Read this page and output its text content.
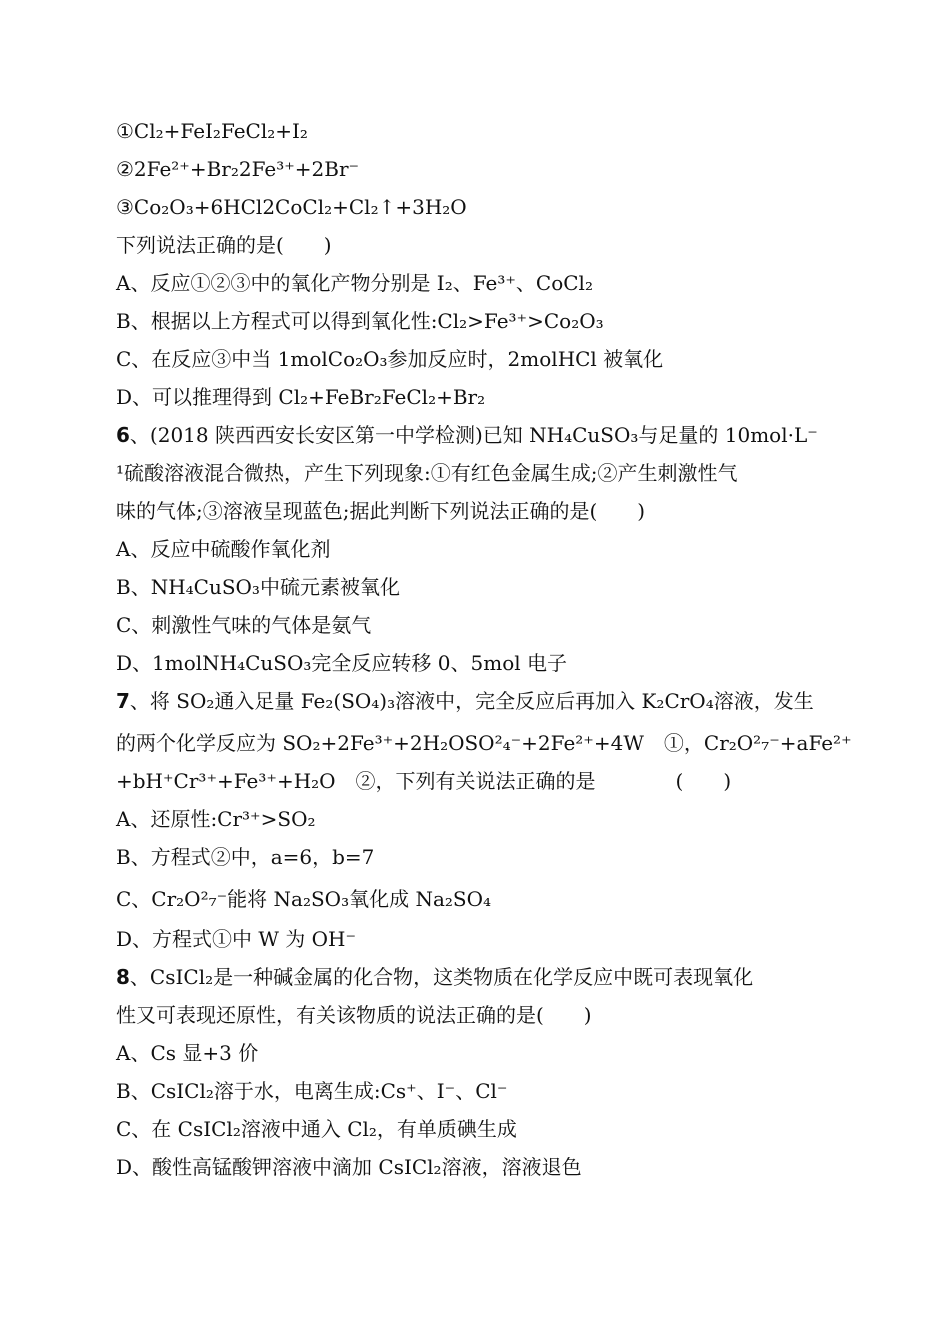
①Cl₂+FeI₂FeCl₂+I₂
②2Fe²⁺+Br₂2Fe³⁺+2Br⁻
③Co₂O₃+6HCl2CoCl₂+Cl₂↑+3H₂O
下列说法正确的是(　　)
A、反应①②③中的氧化产物分别是 I₂、Fe³⁺、CoCl₂
B、根据以上方程式可以得到氧化性:Cl₂>Fe³⁺>Co₂O₃
C、在反应③中当 1molCo₂O₃参加反应时，2molHCl 被氧化
D、可以推理得到 Cl₂+FeBr₂FeCl₂+Br₂
6、(2018 陕西西安长安区第一中学检测)已知 NH₄CuSO₃与足量的 10mol·L⁻
¹硫酸溶液混合微热，产生下列现象:①有红色金属生成;②产生刺激性气
味的气体;③溶液呈现蓝色;据此判断下列说法正确的是(　　)
A、反应中硫酸作氧化剂
B、NH₄CuSO₃中硫元素被氧化
C、刺激性气味的气体是氨气
D、1molNH₄CuSO₃完全反应转移 0、5mol 电子
7、将 SO₂通入足量 Fe₂(SO₄)₃溶液中，完全反应后再加入 K₂CrO₄溶液，发生
的两个化学反应为 SO₂+2Fe³⁺+2H₂OSO²₄⁻+2Fe²⁺+4W　①，Cr₂O²₇⁻+aFe²⁺
+bH⁺Cr³⁺+Fe³⁺+H₂O　②，下列有关说法正确的是　　　　(　　)
A、还原性:Cr³⁺>SO₂
B、方程式②中，a=6，b=7
C、Cr₂O²₇⁻能将 Na₂SO₃氧化成 Na₂SO₄
D、方程式①中 W 为 OH⁻
8、CsICl₂是一种碱金属的化合物，这类物质在化学反应中既可表现氧化
性又可表现还原性，有关该物质的说法正确的是(　　)
A、Cs 显+3 价
B、CsICl₂溶于水，电离生成:Cs⁺、I⁻、Cl⁻
C、在 CsICl₂溶液中通入 Cl₂，有单质碘生成
D、酸性高锰酸钾溶液中滴加 CsICl₂溶液，溶液退色
